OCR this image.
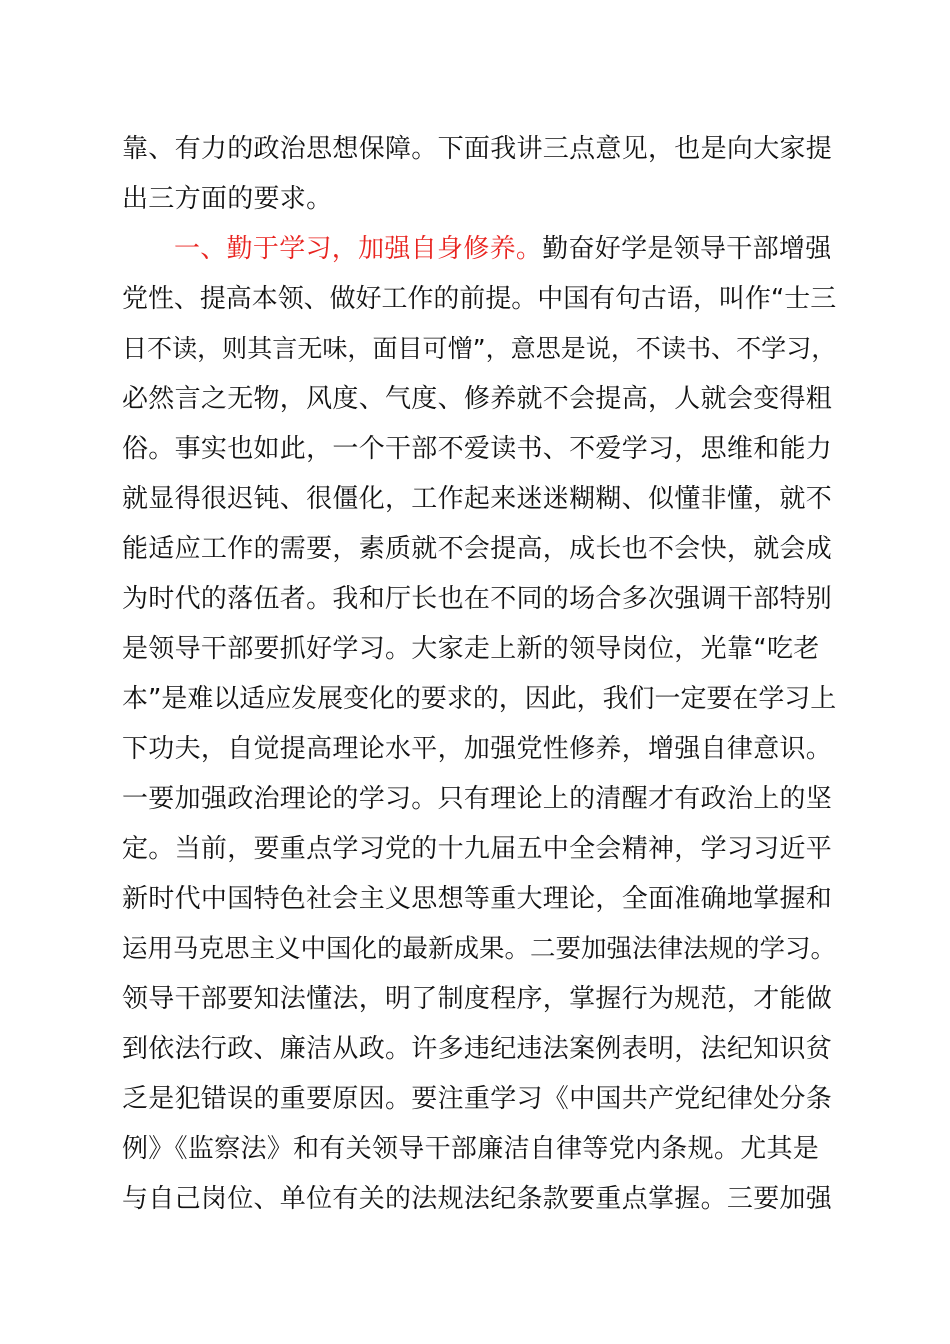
靠、有力的政治思想保障。下面我讲三点意见，也是向大家提
出三方面的要求。
一、勤于学习，加强自身修养。勤奋好学是领导干部增强
党性、提高本领、做好工作的前提。中国有句古语，叫作“士三
日不读，则其言无味，面目可憎”，意思是说，不读书、不学习，
必然言之无物，风度、气度、修养就不会提高，人就会变得粗
俗。事实也如此，一个干部不爱读书、不爱学习，思维和能力
就显得很迟钝、很僵化，工作起来迷迷糊糊、似懂非懂，就不
能适应工作的需要，素质就不会提高，成长也不会快，就会成
为时代的落伍者。我和厅长也在不同的场合多次强调干部特别
是领导干部要抓好学习。大家走上新的领导岗位，光靠“吃老
本”是难以适应发展变化的要求的，因此，我们一定要在学习上
下功夫，自觉提高理论水平，加强党性修养，增强自律意识。
一要加强政治理论的学习。只有理论上的清醒才有政治上的坚
定。当前，要重点学习党的十九届五中全会精神，学习习近平
新时代中国特色社会主义思想等重大理论，全面准确地掌握和
运用马克思主义中国化的最新成果。二要加强法律法规的学习。
领导干部要知法懂法，明了制度程序，掌握行为规范，才能做
到依法行政、廉洁从政。许多违纪违法案例表明，法纪知识贫
乏是犯错误的重要原因。要注重学习《中国共产党纪律处分条
例》《监察法》和有关领导干部廉洁自律等党内条规。尤其是
与自己岗位、单位有关的法规法纪条款要重点掌握。三要加强
